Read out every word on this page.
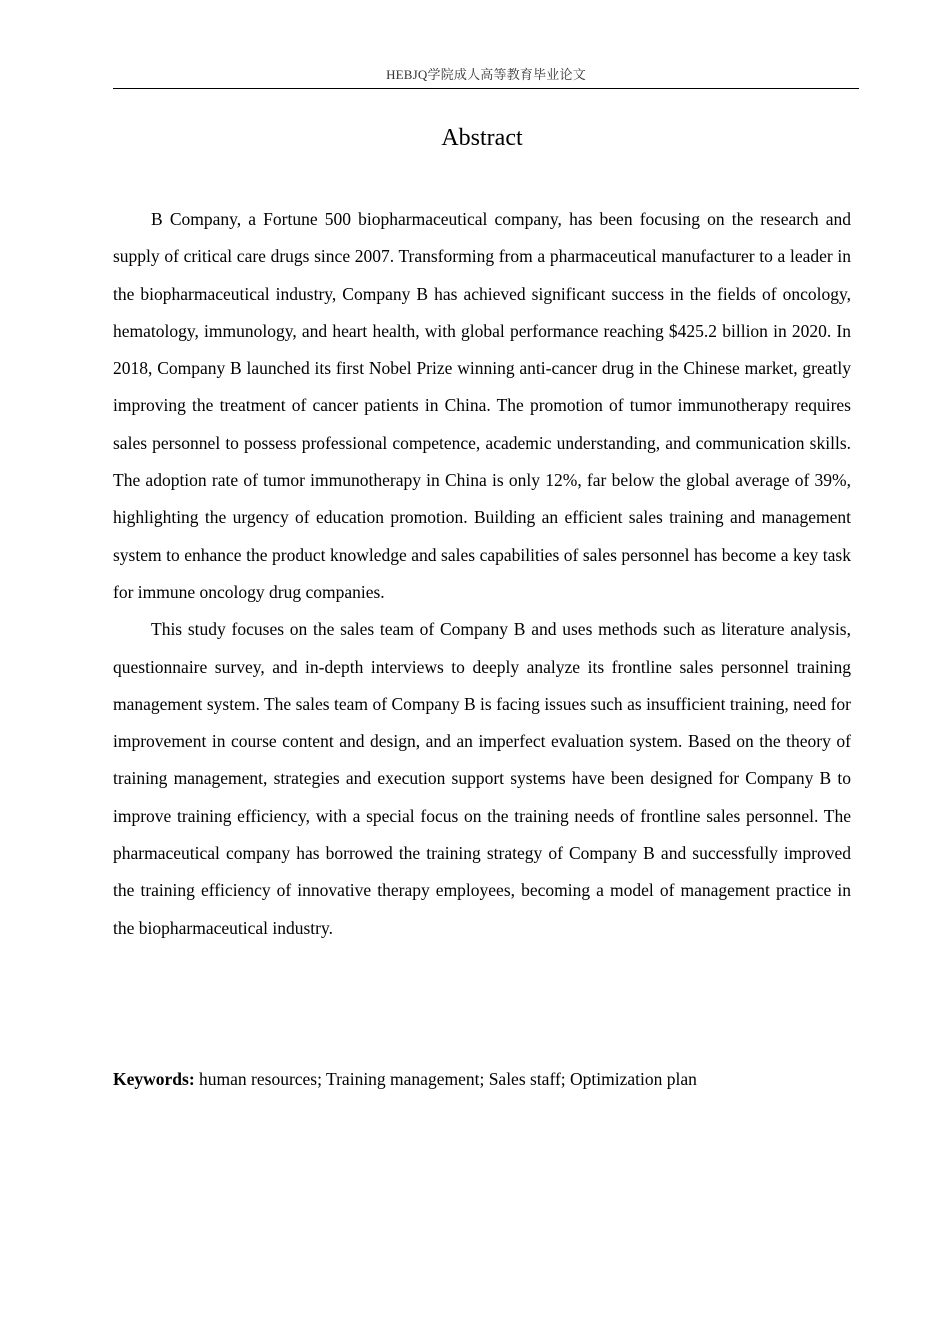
HEBJQ学院成人高等教育毕业论文
Abstract

B Company, a Fortune 500 biopharmaceutical company, has been focusing on the research and supply of critical care drugs since 2007. Transforming from a pharmaceutical manufacturer to a leader in the biopharmaceutical industry, Company B has achieved significant success in the fields of oncology, hematology, immunology, and heart health, with global performance reaching $425.2 billion in 2020. In 2018, Company B launched its first Nobel Prize winning anti-cancer drug in the Chinese market, greatly improving the treatment of cancer patients in China. The promotion of tumor immunotherapy requires sales personnel to possess professional competence, academic understanding, and communication skills. The adoption rate of tumor immunotherapy in China is only 12%, far below the global average of 39%, highlighting the urgency of education promotion. Building an efficient sales training and management system to enhance the product knowledge and sales capabilities of sales personnel has become a key task for immune oncology drug companies.

This study focuses on the sales team of Company B and uses methods such as literature analysis, questionnaire survey, and in-depth interviews to deeply analyze its frontline sales personnel training management system. The sales team of Company B is facing issues such as insufficient training, need for improvement in course content and design, and an imperfect evaluation system. Based on the theory of training management, strategies and execution support systems have been designed for Company B to improve training efficiency, with a special focus on the training needs of frontline sales personnel. The pharmaceutical company has borrowed the training strategy of Company B and successfully improved the training efficiency of innovative therapy employees, becoming a model of management practice in the biopharmaceutical industry.

Keywords: human resources; Training management; Sales staff; Optimization plan
